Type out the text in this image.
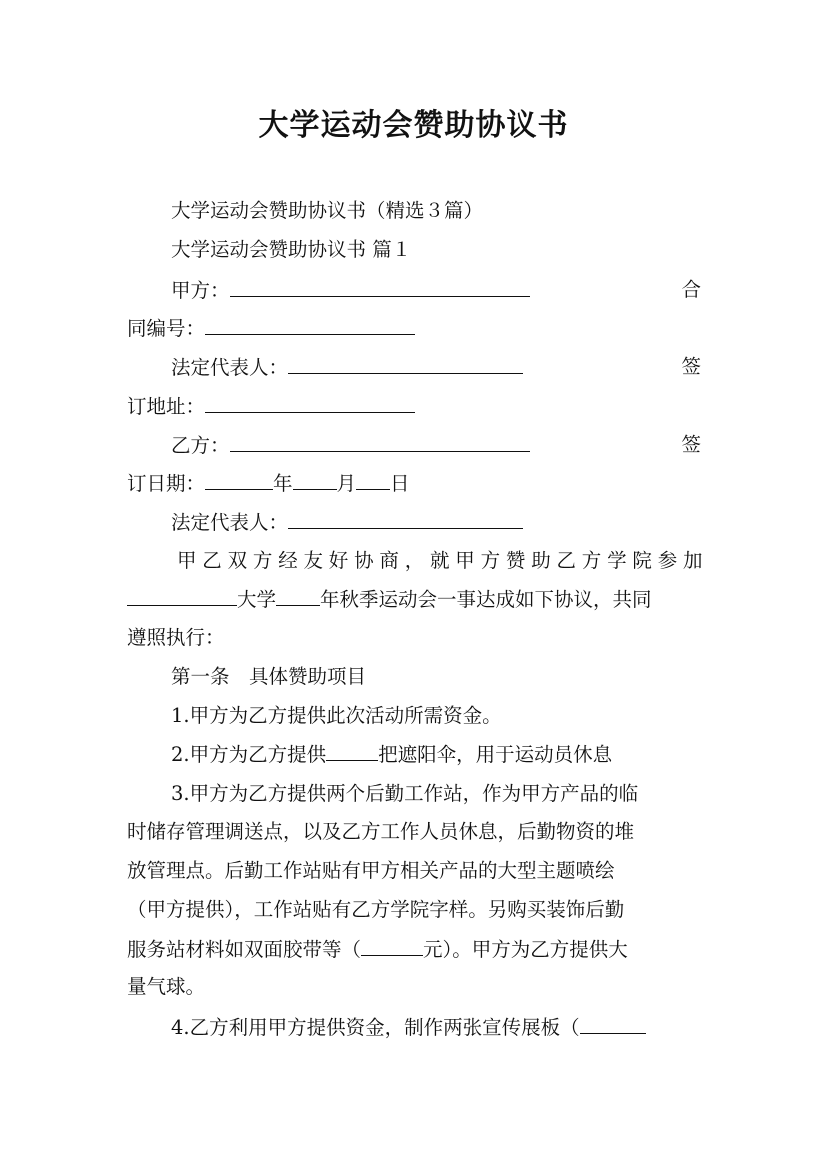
大学运动会赞助协议书
大学运动会赞助协议书（精选３篇）
大学运动会赞助协议书 篇１
甲方：	合
同编号：
法定代表人：	签
订地址：
乙方：	签
订日期：	年 月 日
法定代表人：
甲乙双方经友好协商，就甲方赞助乙方学院参加
大学 年秋季运动会一事达成如下协议，共同
遵照执行：
第一条　具体赞助项目
1.甲方为乙方提供此次活动所需资金。
2.甲方为乙方提供	把遮阳伞，用于运动员休息
3.甲方为乙方提供两个后勤工作站，作为甲方产品的临
时储存管理调送点，以及乙方工作人员休息，后勤物资的堆
放管理点。后勤工作站贴有甲方相关产品的大型主题喷绘
（甲方提供），工作站贴有乙方学院字样。另购买装饰后勤
服务站材料如双面胶带等（	元）。甲方为乙方提供大
量气球。
4.乙方利用甲方提供资金，制作两张宣传展板（
